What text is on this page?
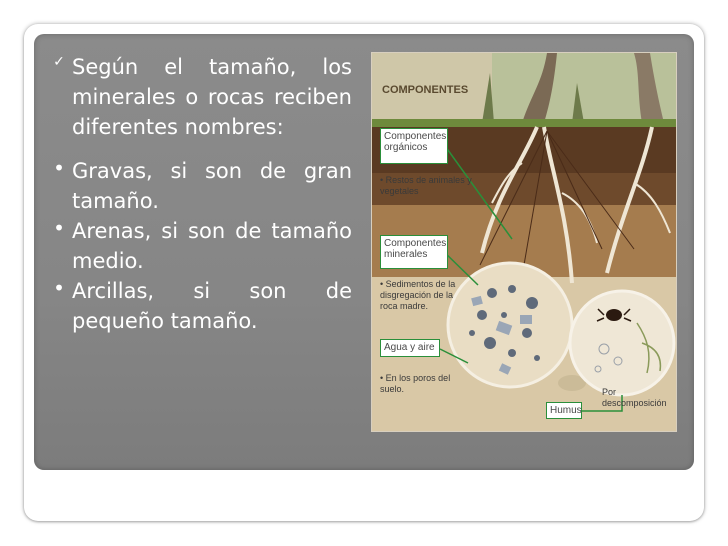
✓ Según el tamaño, los minerales o rocas reciben diferentes nombres:

• Gravas, si son de gran tamaño.

• Arenas, si son de tamaño medio.

• Arcillas, si son de pequeño tamaño.

COMPONENTES
Componentes orgánicos
• Restos de animales y vegetales
Componentes minerales
• Sedimentos de la disgregación de la roca madre.
Agua y aire
• En los poros del suelo.
Humus
Por descomposición
